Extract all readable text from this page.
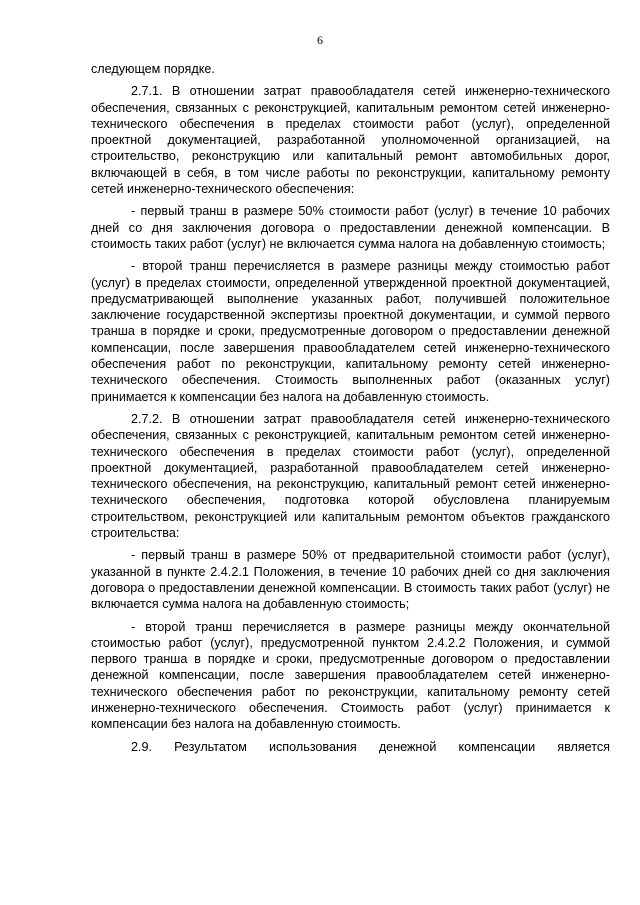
6

следующем порядке.

2.7.1. В отношении затрат правообладателя сетей инженерно-технического обеспечения, связанных с реконструкцией, капитальным ремонтом сетей инженерно-технического обеспечения в пределах стоимости работ (услуг), определенной проектной документацией, разработанной уполномоченной организацией, на строительство, реконструкцию или капитальный ремонт автомобильных дорог, включающей в себя, в том числе работы по реконструкции, капитальному ремонту сетей инженерно-технического обеспечения:

- первый транш в размере 50% стоимости работ (услуг) в течение 10 рабочих дней со дня заключения договора о предоставлении денежной компенсации. В стоимость таких работ (услуг) не включается сумма налога на добавленную стоимость;

- второй транш перечисляется в размере разницы между стоимостью работ (услуг) в пределах стоимости, определенной утвержденной проектной документацией, предусматривающей выполнение указанных работ, получившей положительное заключение государственной экспертизы проектной документации, и суммой первого транша в порядке и сроки, предусмотренные договором о предоставлении денежной компенсации, после завершения правообладателем сетей инженерно-технического обеспечения работ по реконструкции, капитальному ремонту сетей инженерно-технического обеспечения. Стоимость выполненных работ (оказанных услуг) принимается к компенсации без налога на добавленную стоимость.

2.7.2. В отношении затрат правообладателя сетей инженерно-технического обеспечения, связанных с реконструкцией, капитальным ремонтом сетей инженерно-технического обеспечения в пределах стоимости работ (услуг), определенной проектной документацией, разработанной правообладателем сетей инженерно-технического обеспечения, на реконструкцию, капитальный ремонт сетей инженерно-технического обеспечения, подготовка которой обусловлена планируемым строительством, реконструкцией или капитальным ремонтом объектов гражданского строительства:

- первый транш в размере 50% от предварительной стоимости работ (услуг), указанной в пункте 2.4.2.1 Положения, в течение 10 рабочих дней со дня заключения договора о предоставлении денежной компенсации. В стоимость таких работ (услуг) не включается сумма налога на добавленную стоимость;

- второй транш перечисляется в размере разницы между окончательной стоимостью работ (услуг), предусмотренной пунктом 2.4.2.2 Положения, и суммой первого транша в порядке и сроки, предусмотренные договором о предоставлении денежной компенсации, после завершения правообладателем сетей инженерно-технического обеспечения работ по реконструкции, капитальному ремонту сетей инженерно-технического обеспечения. Стоимость работ (услуг) принимается к компенсации без налога на добавленную стоимость.

2.9. Результатом использования денежной компенсации является
